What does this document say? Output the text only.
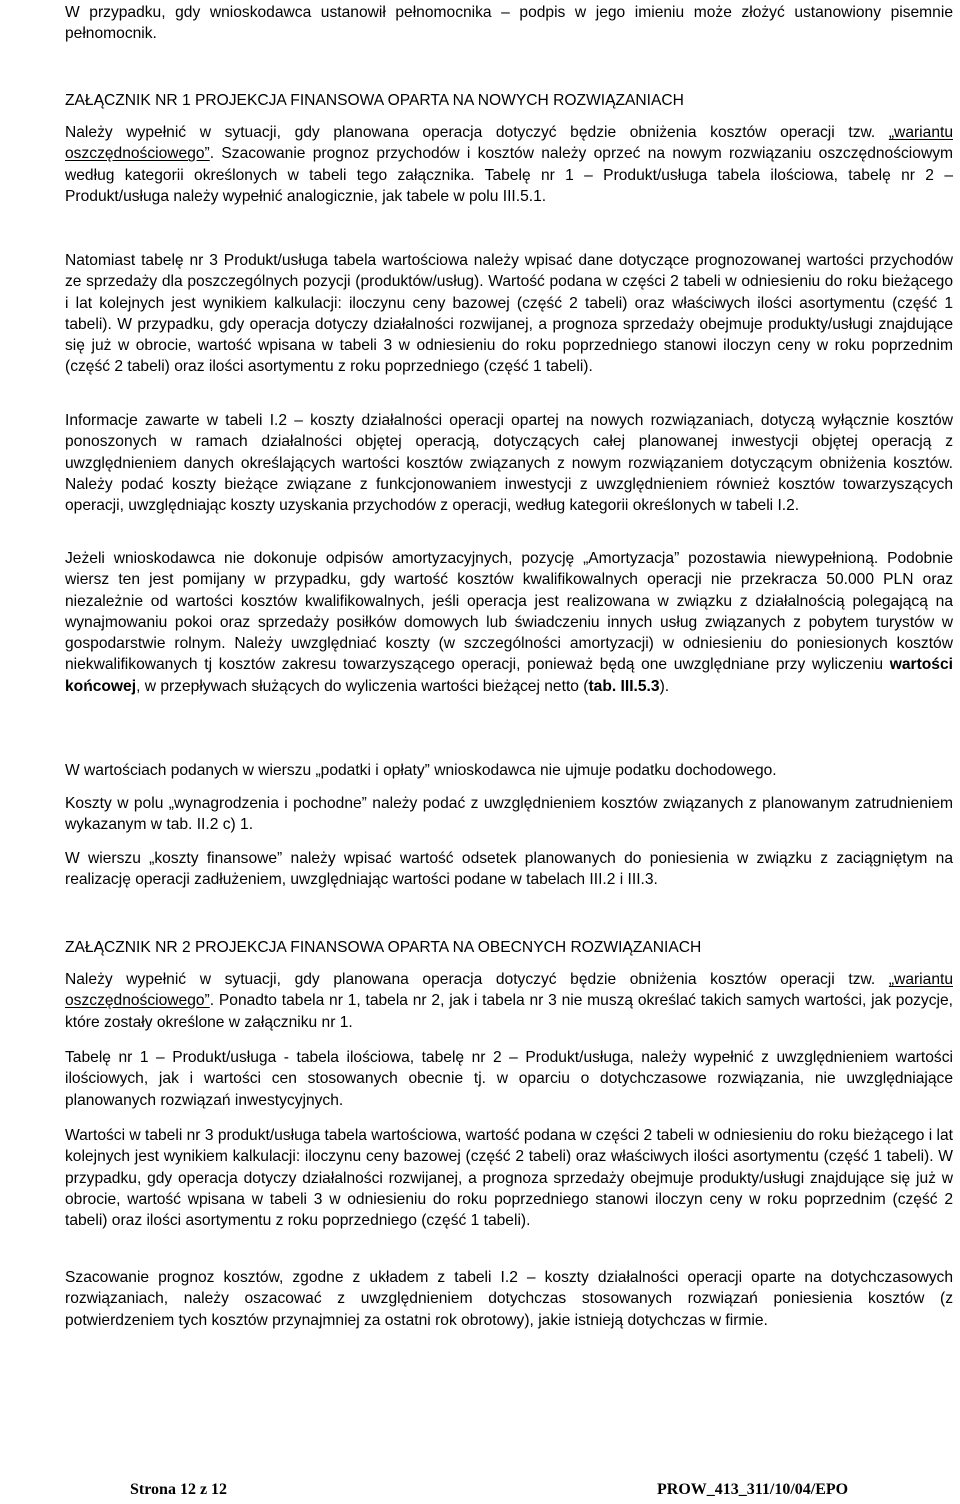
W przypadku, gdy wnioskodawca ustanowił pełnomocnika – podpis w jego imieniu może złożyć ustanowiony pisemnie pełnomocnik.
ZAŁĄCZNIK NR 1 PROJEKCJA FINANSOWA OPARTA NA NOWYCH ROZWIĄZANIACH
Należy wypełnić w sytuacji, gdy planowana operacja dotyczyć będzie obniżenia kosztów operacji tzw. „wariantu oszczędnościowego”. Szacowanie prognoz przychodów i kosztów należy oprzeć na nowym rozwiązaniu oszczędnościowym według kategorii określonych w tabeli tego załącznika. Tabelę nr 1 – Produkt/usługa tabela ilościowa, tabelę nr 2 – Produkt/usługa należy wypełnić analogicznie, jak tabele w polu III.5.1.
Natomiast tabelę nr 3 Produkt/usługa tabela wartościowa należy wpisać dane dotyczące prognozowanej wartości przychodów ze sprzedaży dla poszczególnych pozycji (produktów/usług). Wartość podana w części 2 tabeli w odniesieniu do roku bieżącego i lat kolejnych jest wynikiem kalkulacji: iloczynu ceny bazowej (część 2 tabeli) oraz właściwych ilości asortymentu (część 1 tabeli). W przypadku, gdy operacja dotyczy działalności rozwijanej, a prognoza sprzedaży obejmuje produkty/usługi znajdujące się już w obrocie, wartość wpisana w tabeli 3 w odniesieniu do roku poprzedniego stanowi iloczyn ceny w roku poprzednim (część 2 tabeli) oraz ilości asortymentu z roku poprzedniego (część 1 tabeli).
Informacje zawarte w tabeli I.2 – koszty działalności operacji opartej na nowych rozwiązaniach, dotyczą wyłącznie kosztów ponoszonych w ramach działalności objętej operacją, dotyczących całej planowanej inwestycji objętej operacją z uwzględnieniem danych określających wartości kosztów związanych z nowym rozwiązaniem dotyczącym obniżenia kosztów. Należy podać koszty bieżące związane z funkcjonowaniem inwestycji z uwzględnieniem również kosztów towarzyszących operacji, uwzględniając koszty uzyskania przychodów z operacji, według kategorii określonych w tabeli I.2.
Jeżeli wnioskodawca nie dokonuje odpisów amortyzacyjnych, pozycję „Amortyzacja” pozostawia niewypełnioną. Podobnie wiersz ten jest pomijany w przypadku, gdy wartość kosztów kwalifikowalnych operacji nie przekracza 50.000 PLN oraz niezależnie od wartości kosztów kwalifikowalnych, jeśli operacja jest realizowana w związku z działalnością polegającą na wynajmowaniu pokoi oraz sprzedaży posiłków domowych lub świadczeniu innych usług związanych z pobytem turystów w gospodarstwie rolnym. Należy uwzględniać koszty (w szczególności amortyzacji) w odniesieniu do poniesionych kosztów niekwalifikowanych tj kosztów zakresu towarzyszącego operacji, ponieważ będą one uwzględniane przy wyliczeniu wartości końcowej, w przepływach służących do wyliczenia wartości bieżącej netto (tab. III.5.3).
W wartościach podanych w wierszu „podatki i opłaty” wnioskodawca nie ujmuje podatku dochodowego.
Koszty w polu „wynagrodzenia i pochodne” należy podać z uwzględnieniem kosztów związanych z planowanym zatrudnieniem wykazanym w tab. II.2 c) 1.
W wierszu „koszty finansowe” należy wpisać wartość odsetek planowanych do poniesienia w związku z zaciągniętym na realizację operacji zadłużeniem, uwzględniając wartości podane w tabelach III.2 i III.3.
ZAŁĄCZNIK NR 2 PROJEKCJA FINANSOWA OPARTA NA OBECNYCH ROZWIĄZANIACH
Należy wypełnić w sytuacji, gdy planowana operacja dotyczyć będzie obniżenia kosztów operacji tzw. „wariantu oszczędnościowego”. Ponadto tabela nr 1, tabela nr 2, jak i tabela nr 3 nie muszą określać takich samych wartości, jak pozycje, które zostały określone w załączniku nr 1.
Tabelę nr 1 – Produkt/usługa - tabela ilościowa, tabelę nr 2 – Produkt/usługa, należy wypełnić z uwzględnieniem wartości ilościowych, jak i wartości cen stosowanych obecnie tj. w oparciu o dotychczasowe rozwiązania, nie uwzględniające planowanych rozwiązań inwestycyjnych.
Wartości w tabeli nr 3 produkt/usługa tabela wartościowa, wartość podana w części 2 tabeli w odniesieniu do roku bieżącego i lat kolejnych jest wynikiem kalkulacji: iloczynu ceny bazowej (część 2 tabeli) oraz właściwych ilości asortymentu (część 1 tabeli). W przypadku, gdy operacja dotyczy działalności rozwijanej, a prognoza sprzedaży obejmuje produkty/usługi znajdujące się już w obrocie, wartość wpisana w tabeli 3 w odniesieniu do roku poprzedniego stanowi iloczyn ceny w roku poprzednim (część 2 tabeli) oraz ilości asortymentu z roku poprzedniego (część 1 tabeli).
Szacowanie prognoz kosztów, zgodne z układem z tabeli I.2 – koszty działalności operacji oparte na dotychczasowych rozwiązaniach, należy oszacować z uwzględnieniem dotychczas stosowanych rozwiązań poniesienia kosztów (z potwierdzeniem tych kosztów przynajmniej za ostatni rok obrotowy), jakie istnieją dotychczas w firmie.
Strona 12 z 12	PROW_413_311/10/04/EPO
